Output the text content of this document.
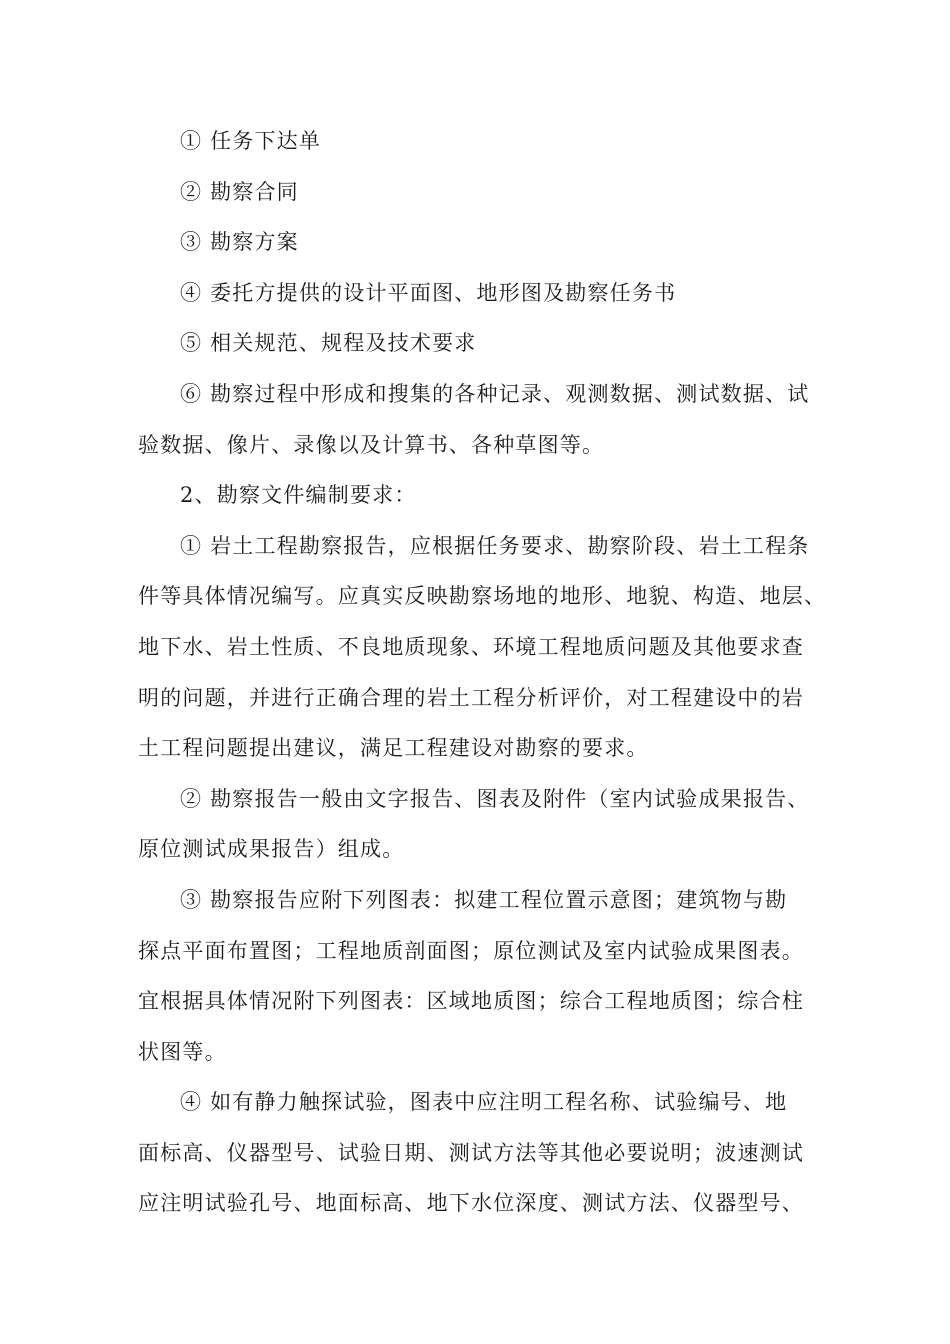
① 任务下达单
② 勘察合同
③ 勘察方案
④ 委托方提供的设计平面图、地形图及勘察任务书
⑤ 相关规范、规程及技术要求
⑥ 勘察过程中形成和搜集的各种记录、观测数据、测试数据、试
验数据、像片、录像以及计算书、各种草图等。
2、勘察文件编制要求：
① 岩土工程勘察报告，应根据任务要求、勘察阶段、岩土工程条
件等具体情况编写。应真实反映勘察场地的地形、地貌、构造、地层、
地下水、岩土性质、不良地质现象、环境工程地质问题及其他要求查
明的问题，并进行正确合理的岩土工程分析评价，对工程建设中的岩
土工程问题提出建议，满足工程建设对勘察的要求。
② 勘察报告一般由文字报告、图表及附件（室内试验成果报告、
原位测试成果报告）组成。
③ 勘察报告应附下列图表：拟建工程位置示意图；建筑物与勘
探点平面布置图；工程地质剖面图；原位测试及室内试验成果图表。
宜根据具体情况附下列图表：区域地质图；综合工程地质图；综合柱
状图等。
④ 如有静力触探试验，图表中应注明工程名称、试验编号、地
面标高、仪器型号、试验日期、测试方法等其他必要说明；波速测试
应注明试验孔号、地面标高、地下水位深度、测试方法、仪器型号、
